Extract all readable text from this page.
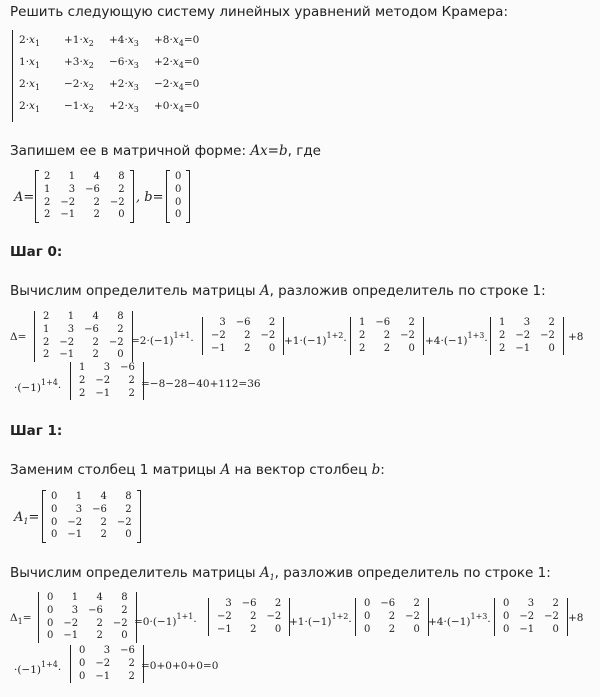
Решить следующую систему линейных уравнений методом Крамера:
$2\cdot x_1 +1\cdot x_2 +4\cdot x_3 +8\cdot x_4=0$
$1\cdot x_1 +3\cdot x_2 -6\cdot x_3 +2\cdot x_4=0$
$2\cdot x_1 -2\cdot x_2 +2\cdot x_3 -2\cdot x_4=0$
$2\cdot x_1 -1\cdot x_2 +2\cdot x_3 +0\cdot x_4=0$
Запишем ее в матричной форме: Ax=b, где
A=
2	1	4	8
1	3	−6	2
2	−2	2	−2
2	−1	2	0
, b=
0
0
0
0
Шаг 0:
Вычислим определитель матрицы A, разложив определитель по строке 1:
Δ=
2	1	4	8
1	3	−6	2
2	−2	2	−2
2	−1	2	0
$=2\cdot(-1)^{1+1}\cdot$
3	−6	2
−2	2	−2
−1	2	0
$+1\cdot(-1)^{1+2}\cdot$
1	−6	2
2	2	−2
2	2	0
$+4\cdot(-1)^{1+3}\cdot$
1	3	2
2	−2	−2
2	−1	0
+8
$\cdot(-1)^{1+4}\cdot$
1	3	−6
2	−2	2
2	−1	2
=−8−28−40+112=36
Шаг 1:
Заменим столбец 1 матрицы A на вектор столбец b:
$A_1=$
0	1	4	8
0	3	−6	2
0	−2	2	−2
0	−1	2	0
Вычислим определитель матрицы $A_1$, разложив определитель по строке 1:
$\Delta_1=$
0	1	4	8
0	3	−6	2
0	−2	2	−2
0	−1	2	0
$=0\cdot(-1)^{1+1}\cdot$
3	−6	2
−2	2	−2
−1	2	0
$+1\cdot(-1)^{1+2}\cdot$
0	−6	2
0	2	−2
0	2	0
$+4\cdot(-1)^{1+3}\cdot$
0	3	2
0	−2	−2
0	−1	0
+8
$\cdot(-1)^{1+4}\cdot$
0	3	−6
0	−2	2
0	−1	2
=0+0+0+0=0
